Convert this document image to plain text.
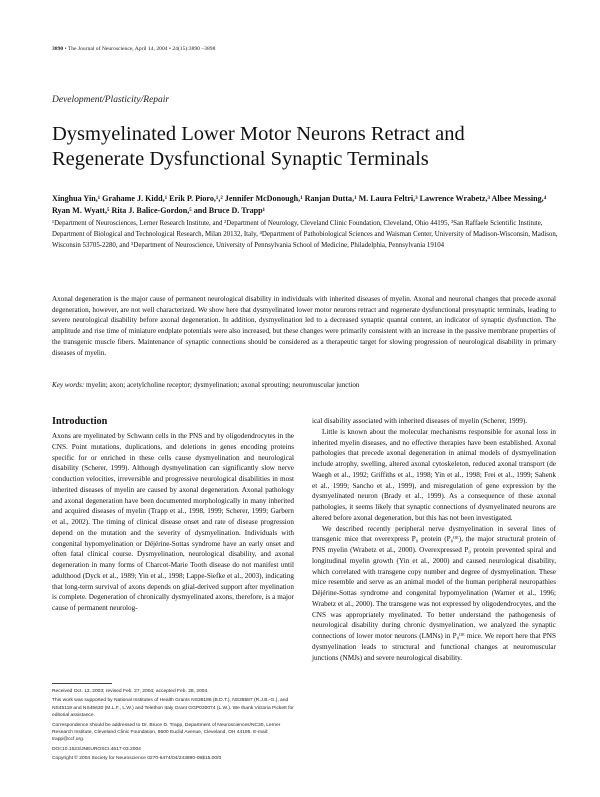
3890 • The Journal of Neuroscience, April 14, 2004 • 24(15):3890 –3898
Development/Plasticity/Repair
Dysmyelinated Lower Motor Neurons Retract and Regenerate Dysfunctional Synaptic Terminals

Xinghua Yin,¹ Grahame J. Kidd,¹ Erik P. Pioro,¹,² Jennifer McDonough,¹ Ranjan Dutta,¹ M. Laura Feltri,³ Lawrence Wrabetz,³ Albee Messing,⁴ Ryan M. Wyatt,⁵ Rita J. Balice-Gordon,⁵ and Bruce D. Trapp¹

¹Department of Neurosciences, Lerner Research Institute, and ²Department of Neurology, Cleveland Clinic Foundation, Cleveland, Ohio 44195, ³San Raffaele Scientific Institute, Department of Biological and Technological Research, Milan 20132, Italy, ⁴Department of Pathobiological Sciences and Waisman Center, University of Madison-Wisconsin, Madison, Wisconsin 53705-2280, and ⁵Department of Neuroscience, University of Pennsylvania School of Medicine, Philadelphia, Pennsylvania 19104

Axonal degeneration is the major cause of permanent neurological disability in individuals with inherited diseases of myelin. Axonal and neuronal changes that precede axonal degeneration, however, are not well characterized. We show here that dysmyelinated lower motor neurons retract and regenerate dysfunctional presynaptic terminals, leading to severe neurological disability before axonal degeneration. In addition, dysmyelination led to a decreased synaptic quantal content, an indicator of synaptic dysfunction. The amplitude and rise time of miniature endplate potentials were also increased, but these changes were primarily consistent with an increase in the passive membrane properties of the transgenic muscle fibers. Maintenance of synaptic connections should be considered as a therapeutic target for slowing progression of neurological disability in primary diseases of myelin.

Key words: myelin; axon; acetylcholine receptor; dysmyelination; axonal sprouting; neuromuscular junction

Introduction

Axons are myelinated by Schwann cells in the PNS and by oligodendrocytes in the CNS. Point mutations, duplications, and deletions in genes encoding proteins specific for or enriched in these cells cause dysmyelination and neurological disability (Scherer, 1999). Although dysmyelination can significantly slow nerve conduction velocities, irreversible and progressive neurological disabilities in most inherited diseases of myelin are caused by axonal degeneration. Axonal pathology and axonal degeneration have been documented morphologically in many inherited and acquired diseases of myelin (Trapp et al., 1998, 1999; Scherer, 1999; Garbern et al., 2002). The timing of clinical disease onset and rate of disease progression depend on the mutation and the severity of dysmyelination. Individuals with congenital hypomyelination or Déjérine-Sottas syndrome have an early onset and often fatal clinical course. Dysmyelination, neurological disability, and axonal degeneration in many forms of Charcot-Marie Tooth disease do not manifest until adulthood (Dyck et al., 1989; Yin et al., 1998; Lappe-Siefke et al., 2003), indicating that long-term survival of axons depends on glial-derived support after myelination is complete. Degeneration of chronically dysmyelinated axons, therefore, is a major cause of permanent neurolog-

ical disability associated with inherited diseases of myelin (Scherer, 1999).

Little is known about the molecular mechanisms responsible for axonal loss in inherited myelin diseases, and no effective therapies have been established. Axonal pathologies that precede axonal degeneration in animal models of dysmyelination include atrophy, swelling, altered axonal cytoskeleton, reduced axonal transport (de Waegh et al., 1992; Griffiths et al., 1998; Yin et al., 1998; Frei et al., 1999; Sahenk et al., 1999; Sancho et al., 1999), and misregulation of gene expression by the dysmyelinated neuron (Brady et al., 1999). As a consequence of these axonal pathologies, it seems likely that synaptic connections of dysmyelinated neurons are altered before axonal degeneration, but this has not been investigated.

We described recently peripheral nerve dysmyelination in several lines of transgenic mice that overexpress P₀ protein (P₀ᴼᴱ), the major structural protein of PNS myelin (Wrabetz et al., 2000). Overexpressed P₀ protein prevented spiral and longitudinal myelin growth (Yin et al., 2000) and caused neurological disability, which correlated with transgene copy number and degree of dysmyelination. These mice resemble and serve as an animal model of the human peripheral neuropathies Déjérine-Sottas syndrome and congenital hypomyelination (Warner et al., 1996; Wrabetz et al., 2000). The transgene was not expressed by oligodendrocytes, and the CNS was appropriately myelinated. To better understand the pathogenesis of neurological disability during chronic dysmyelination, we analyzed the synaptic connections of lower motor neurons (LMNs) in P₀ᴼᴱ mice. We report here that PNS dysmyelination leads to structural and functional changes at neuromuscular junctions (NMJs) and severe neurological disability.

Received Oct. 13, 2003; revised Feb. 27, 2004; accepted Feb. 28, 2004.

This work was supported by National Institutes of Health Grants NS38186 (B.D.T.), NS38587 (R.J.B.-G.), and NS45119 and NS45630 (M.L.F., L.W.) and Telethon Italy Grant GGP030074 (L.W.). We thank Victoria Pickett for editorial assistance.

Correspondence should be addressed to Dr. Bruce D. Trapp, Department of Neurosciences/NC30, Lerner Research Institute, Cleveland Clinic Foundation, 9500 Euclid Avenue, Cleveland, OH 44195. E-mail: trapp@ccf.org.

DOI:10.1523/JNEUROSCI.4617-03.2004

Copyright © 2004 Society for Neuroscience 0270-6474/04/243890-09$15.00/0
